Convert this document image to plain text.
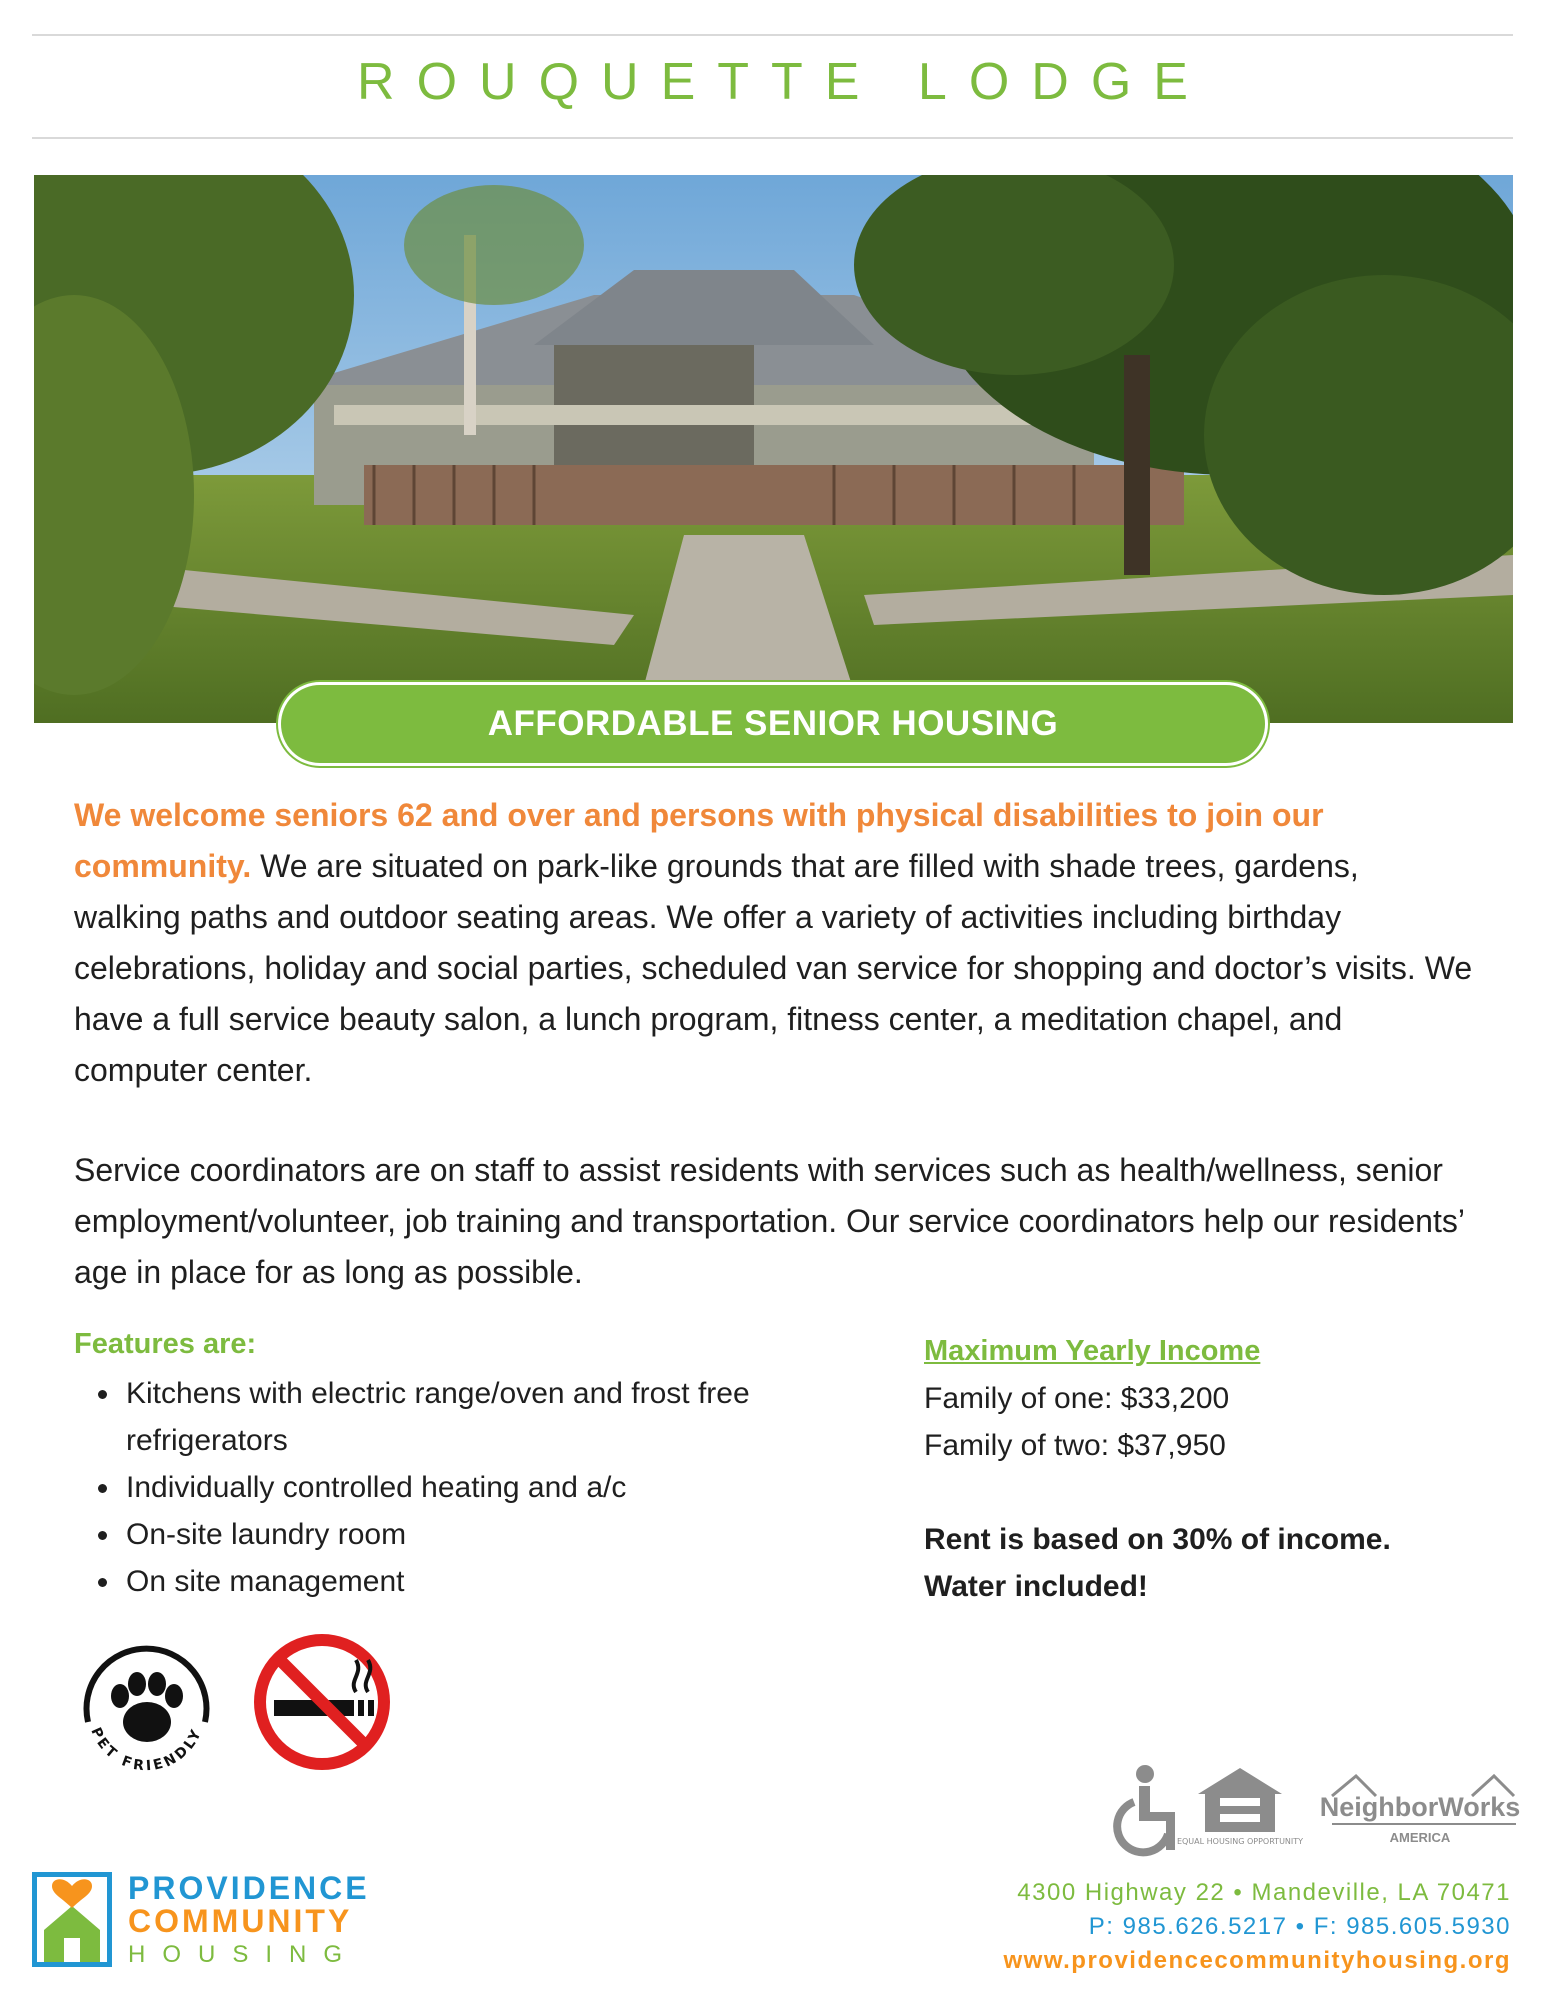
ROUQUETTE LODGE
AFFORDABLE SENIOR HOUSING

We welcome seniors 62 and over and persons with physical disabilities to join our community. We are situated on park-like grounds that are filled with shade trees, gardens, walking paths and outdoor seating areas. We offer a variety of activities including birthday celebrations, holiday and social parties, scheduled van service for shopping and doctor’s visits. We have a full service beauty salon, a lunch program, fitness center, a meditation chapel, and computer center.

Service coordinators are on staff to assist residents with services such as health/wellness, senior employment/volunteer, job training and transportation. Our service coordinators help our residents’ age in place for as long as possible.

Features are:
Kitchens with electric range/oven and frost free refrigerators
Individually controlled heating and a/c
On-site laundry room
On site management
Maximum Yearly Income
Family of one: $33,200
Family of two: $37,950
Rent is based on 30% of income.
Water included!
PET FRIENDLY
EQUAL HOUSING OPPORTUNITY
NeighborWorks
AMERICA
PROVIDENCE
COMMUNITY
HOUSING
4300 Highway 22 • Mandeville, LA 70471
P: 985.626.5217 • F: 985.605.5930
www.providencecommunityhousing.org
